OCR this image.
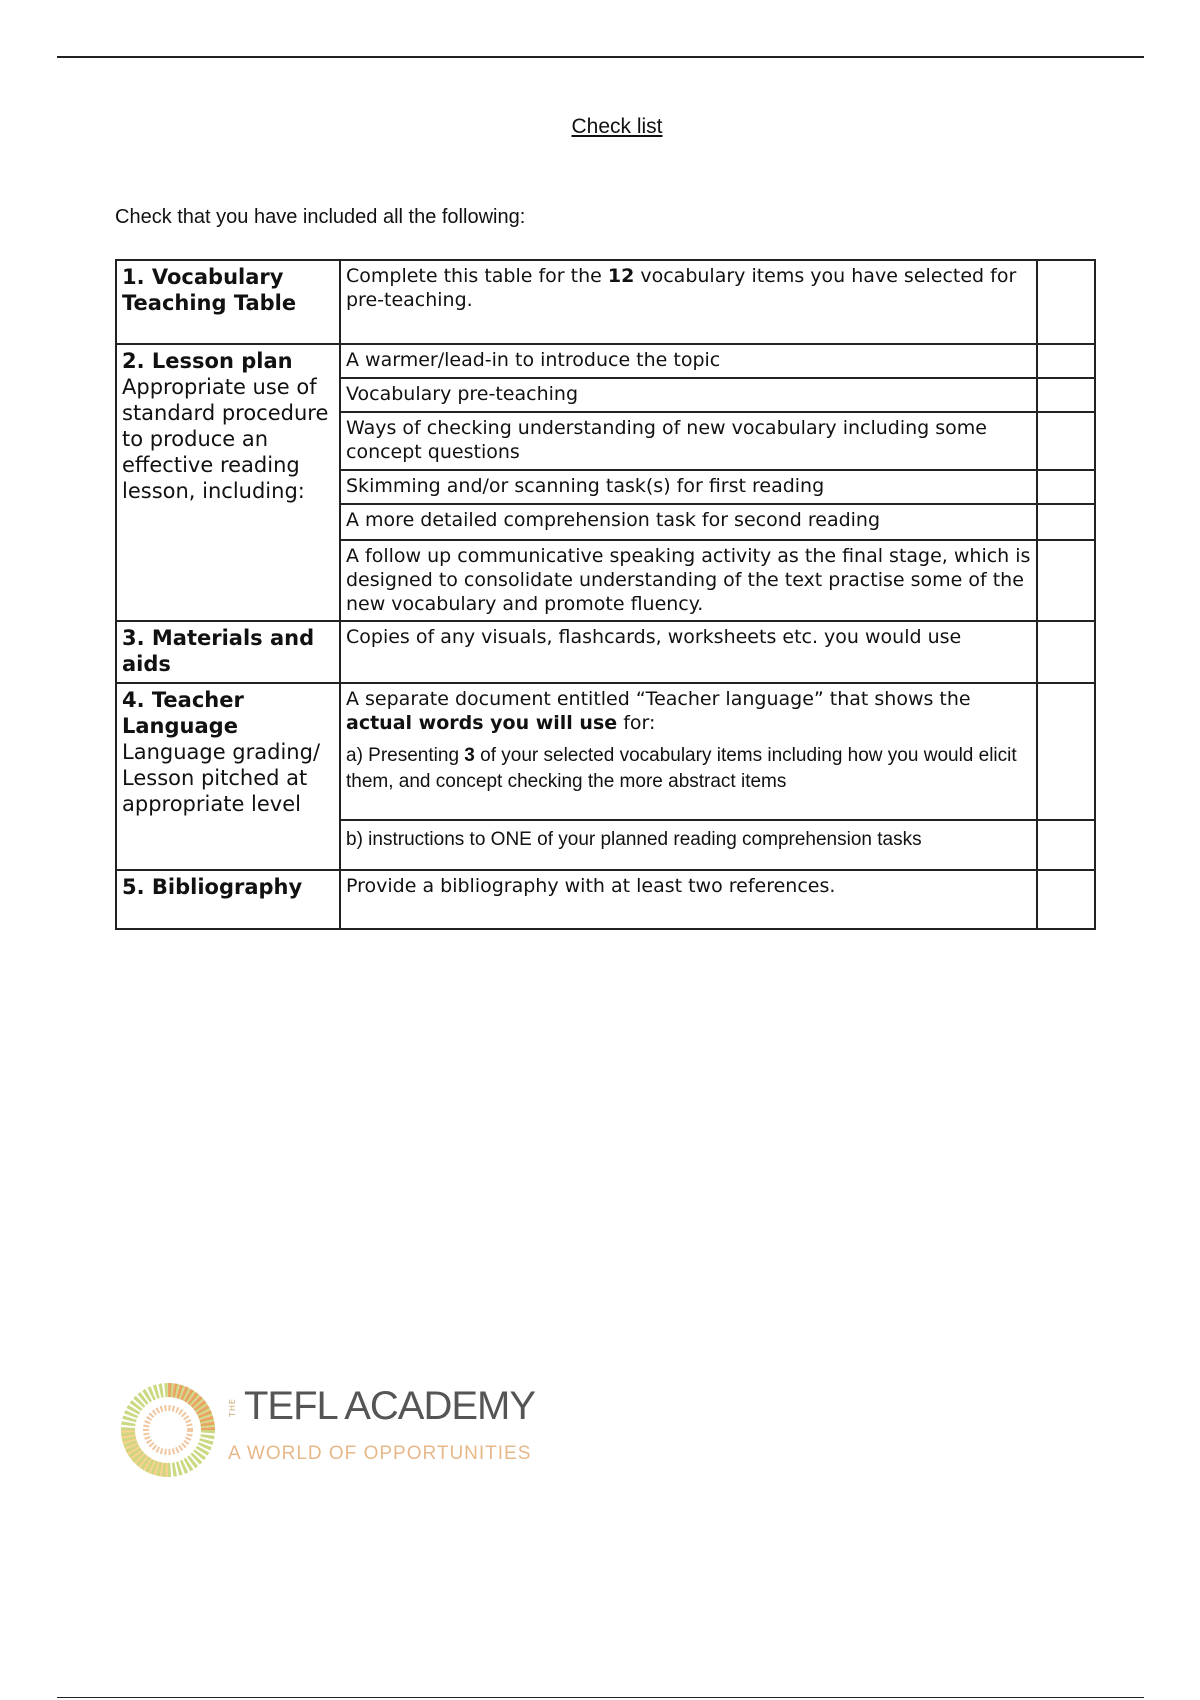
Check list
Check that you have included all the following:
1. Vocabulary Teaching Table	Complete this table for the 12 vocabulary items you have selected for pre-teaching.	

2. Lesson plan
Appropriate use of standard procedure to produce an effective reading lesson, including:	A warmer/lead-in to introduce the topic	
	Vocabulary pre-teaching	
	Ways of checking understanding of new vocabulary including some concept questions	
	Skimming and/or scanning task(s) for first reading	
	A more detailed comprehension task for second reading	
	A follow up communicative speaking activity as the final stage, which is designed to consolidate understanding of the text practise some of the new vocabulary and promote fluency.	

3. Materials and aids	Copies of any visuals, flashcards, worksheets etc. you would use	

4. Teacher Language
Language grading/ Lesson pitched at appropriate level	A separate document entitled “Teacher language” that shows the actual words you will use for:
a) Presenting 3 of your selected vocabulary items including how you would elicit them, and concept checking the more abstract items	

	b) instructions to ONE of your planned reading comprehension tasks	

5. Bibliography	Provide a bibliography with at least two references.	
THE TEFL ACADEMY
A WORLD OF OPPORTUNITIES
